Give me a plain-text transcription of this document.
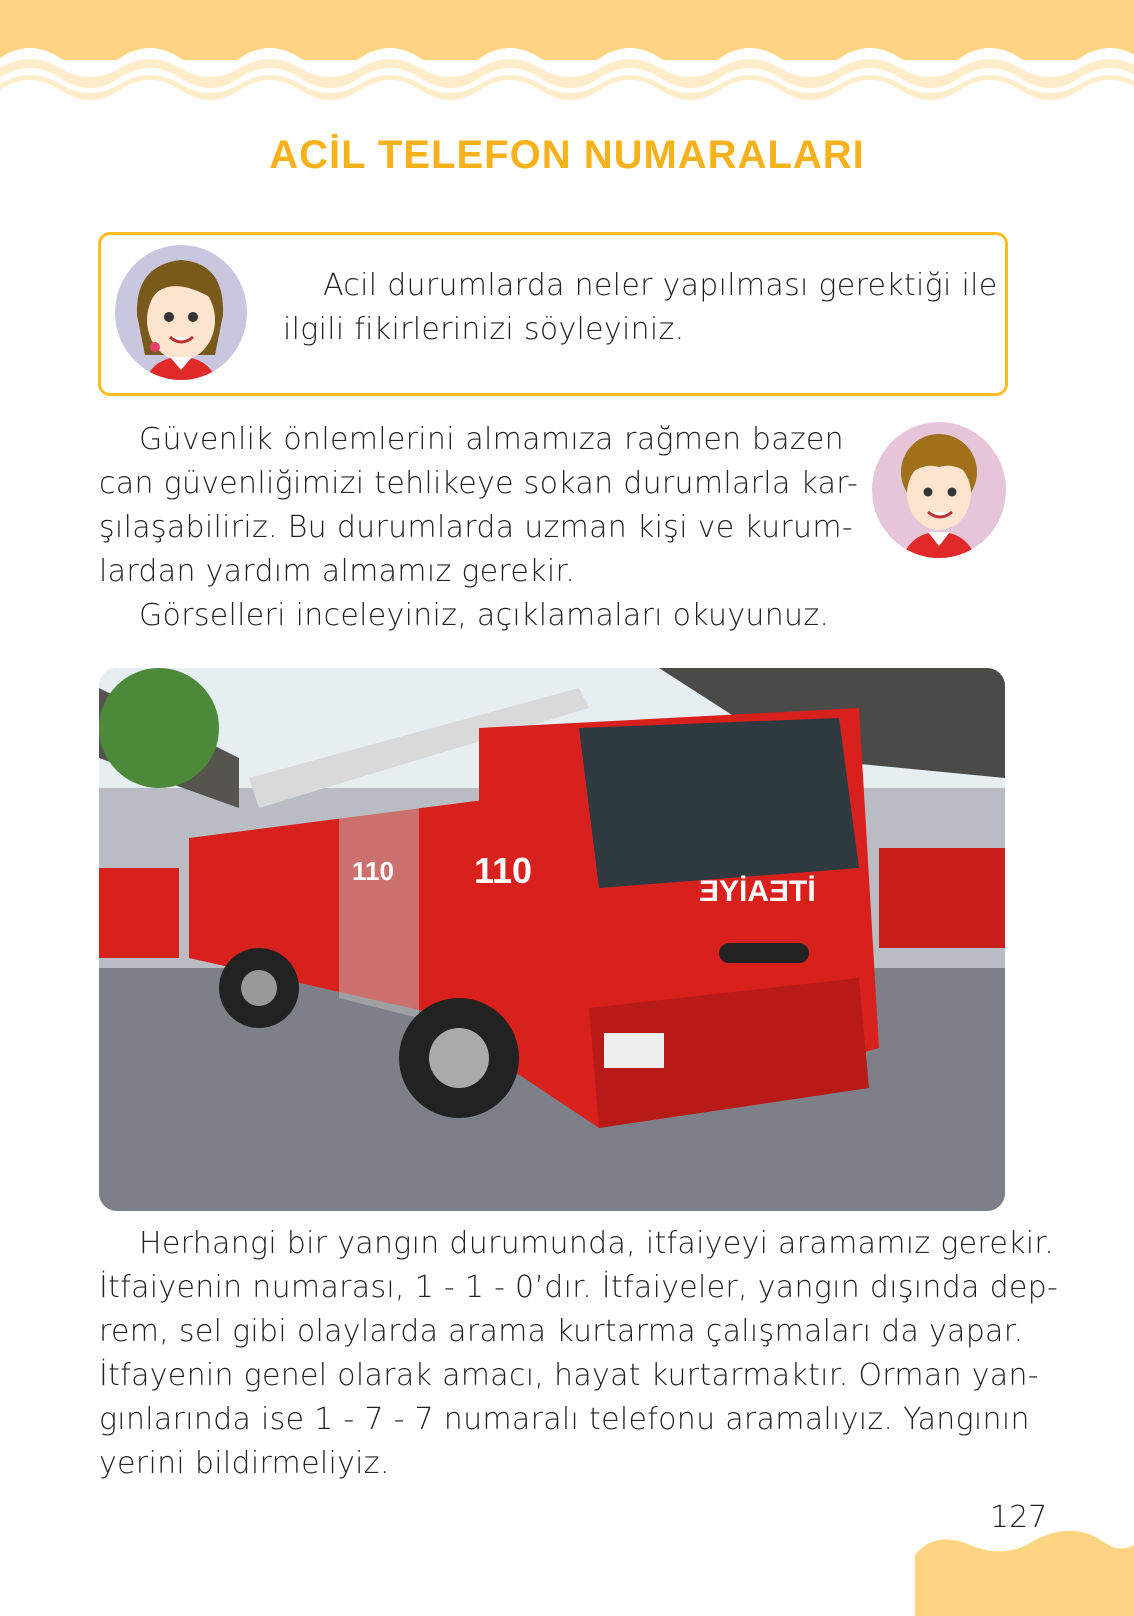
ACİL TELEFON NUMARALARI
Acil durumlarda neler yapılması gerektiği ile
ilgili fikirlerinizi söyleyiniz.
Güvenlik önlemlerini almamıza rağmen bazen
can güvenliğimizi tehlikeye sokan durumlarla kar-
şılaşabiliriz. Bu durumlarda uzman kişi ve kurum-
lardan yardım almamız gerekir.
Görselleri inceleyiniz, açıklamaları okuyunuz.
110 110
ƎYİAƎTİ
Herhangi bir yangın durumunda, itfaiyeyi aramamız gerekir.
İtfaiyenin numarası, 1 - 1 - 0’dır. İtfaiyeler, yangın dışında dep-
rem, sel gibi olaylarda arama kurtarma çalışmaları da yapar.
İtfayenin genel olarak amacı, hayat kurtarmaktır. Orman yan-
gınlarında ise 1 - 7 - 7 numaralı telefonu aramalıyız. Yangının
yerini bildirmeliyiz.
127
